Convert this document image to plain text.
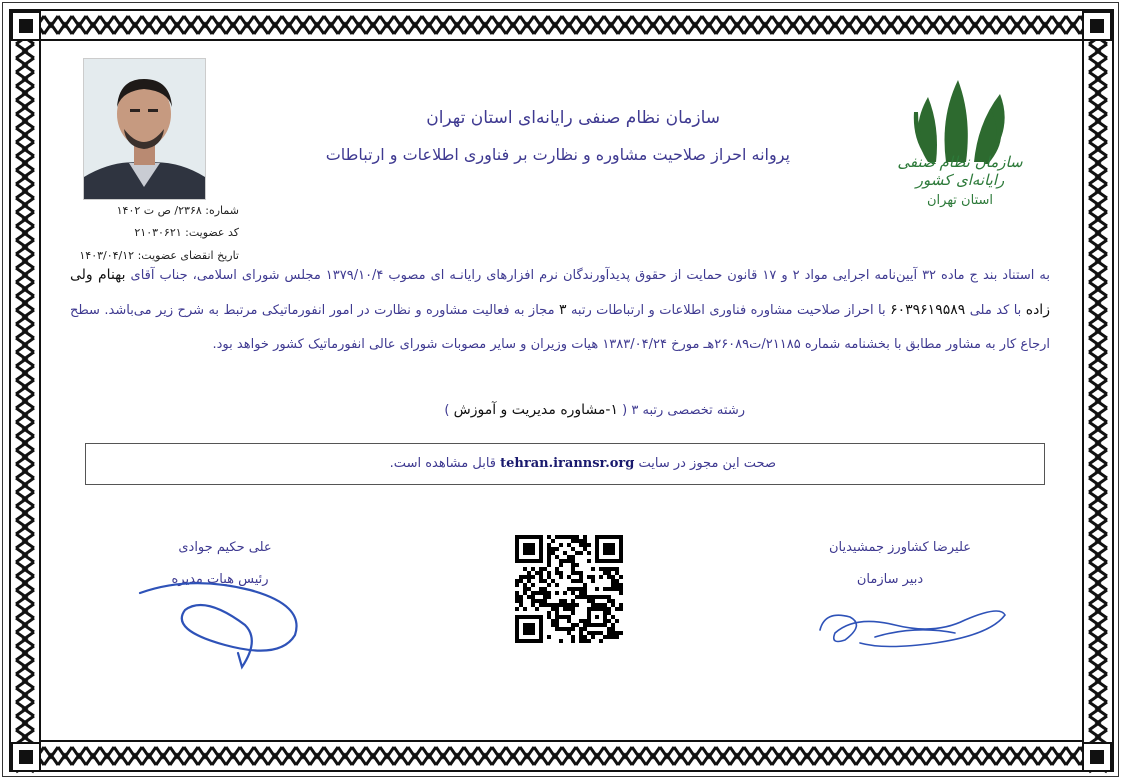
شماره: ۲۳۶۸/ ص ت ۱۴۰۲
کد عضویت: ۲۱۰۳۰۶۲۱
تاریخ انقضای عضویت: ۱۴۰۳/۰۴/۱۲
سازمان نظام صنفی رایانه‌ای استان تهران
پروانه احراز صلاحیت مشاوره و نظارت بر فناوری اطلاعات و ارتباطات	سازمان نظام صنفی رایانه‌ای کشور
استان تهران
به استناد بند ج ماده ۳۲ آیین‌نامه اجرایی مواد ۲ و ۱۷ قانون حمایت از حقوق پدیدآورندگان نرم افزارهای رایانـه ای مصوب ۱۳۷۹/۱۰/۴ مجلس شورای اسلامی، جناب آقای بهنام ولی زاده با کد ملی ۶۰۳۹۶۱۹۵۸۹ با احراز صلاحیت مشاوره فناوری اطلاعات و ارتباطات رتبه ۳ مجاز به فعالیت مشاوره و نظارت در امور انفورماتیکی مرتبط به شرح زیر می‌باشد. سطح ارجاع کار به مشاور مطابق با بخشنامه شماره ۲۱۱۸۵/ت۲۶۰۸۹هـ مورخ ۱۳۸۳/۰۴/۲۴ هیات وزیران و سایر مصوبات شورای عالی انفورماتیک کشور خواهد بود.
رشته تخصصی رتبه ۳ ( ۱-مشاوره مدیریت و آموزش )
صحت این مجوز در سایت tehran.irannsr.org قابل مشاهده است.
علی حکیم جوادی
رئیس هیات مدیره
علیرضا کشاورز جمشیدیان
دبیر سازمان
